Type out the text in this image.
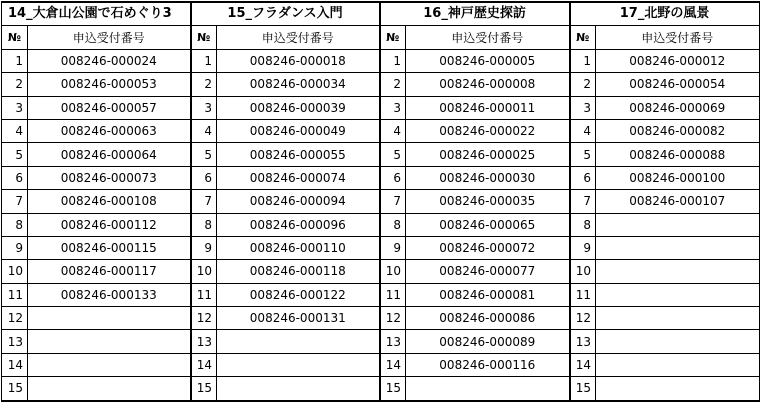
14_大倉山公園で石めぐり3		15_フラダンス入門		16_神戸歴史探訪		17_北野の風景	
№	申込受付番号	№	申込受付番号	№	申込受付番号	№	申込受付番号
1	008246-000024	1	008246-000018	1	008246-000005	1	008246-000012
2	008246-000053	2	008246-000034	2	008246-000008	2	008246-000054
3	008246-000057	3	008246-000039	3	008246-000011	3	008246-000069
4	008246-000063	4	008246-000049	4	008246-000022	4	008246-000082
5	008246-000064	5	008246-000055	5	008246-000025	5	008246-000088
6	008246-000073	6	008246-000074	6	008246-000030	6	008246-000100
7	008246-000108	7	008246-000094	7	008246-000035	7	008246-000107
8	008246-000112	8	008246-000096	8	008246-000065	8	
9	008246-000115	9	008246-000110	9	008246-000072	9	
10	008246-000117	10	008246-000118	10	008246-000077	10	
11	008246-000133	11	008246-000122	11	008246-000081	11	
12		12	008246-000131	12	008246-000086	12	
13		13		13	008246-000089	13	
14		14		14	008246-000116	14	
15		15		15		15	
